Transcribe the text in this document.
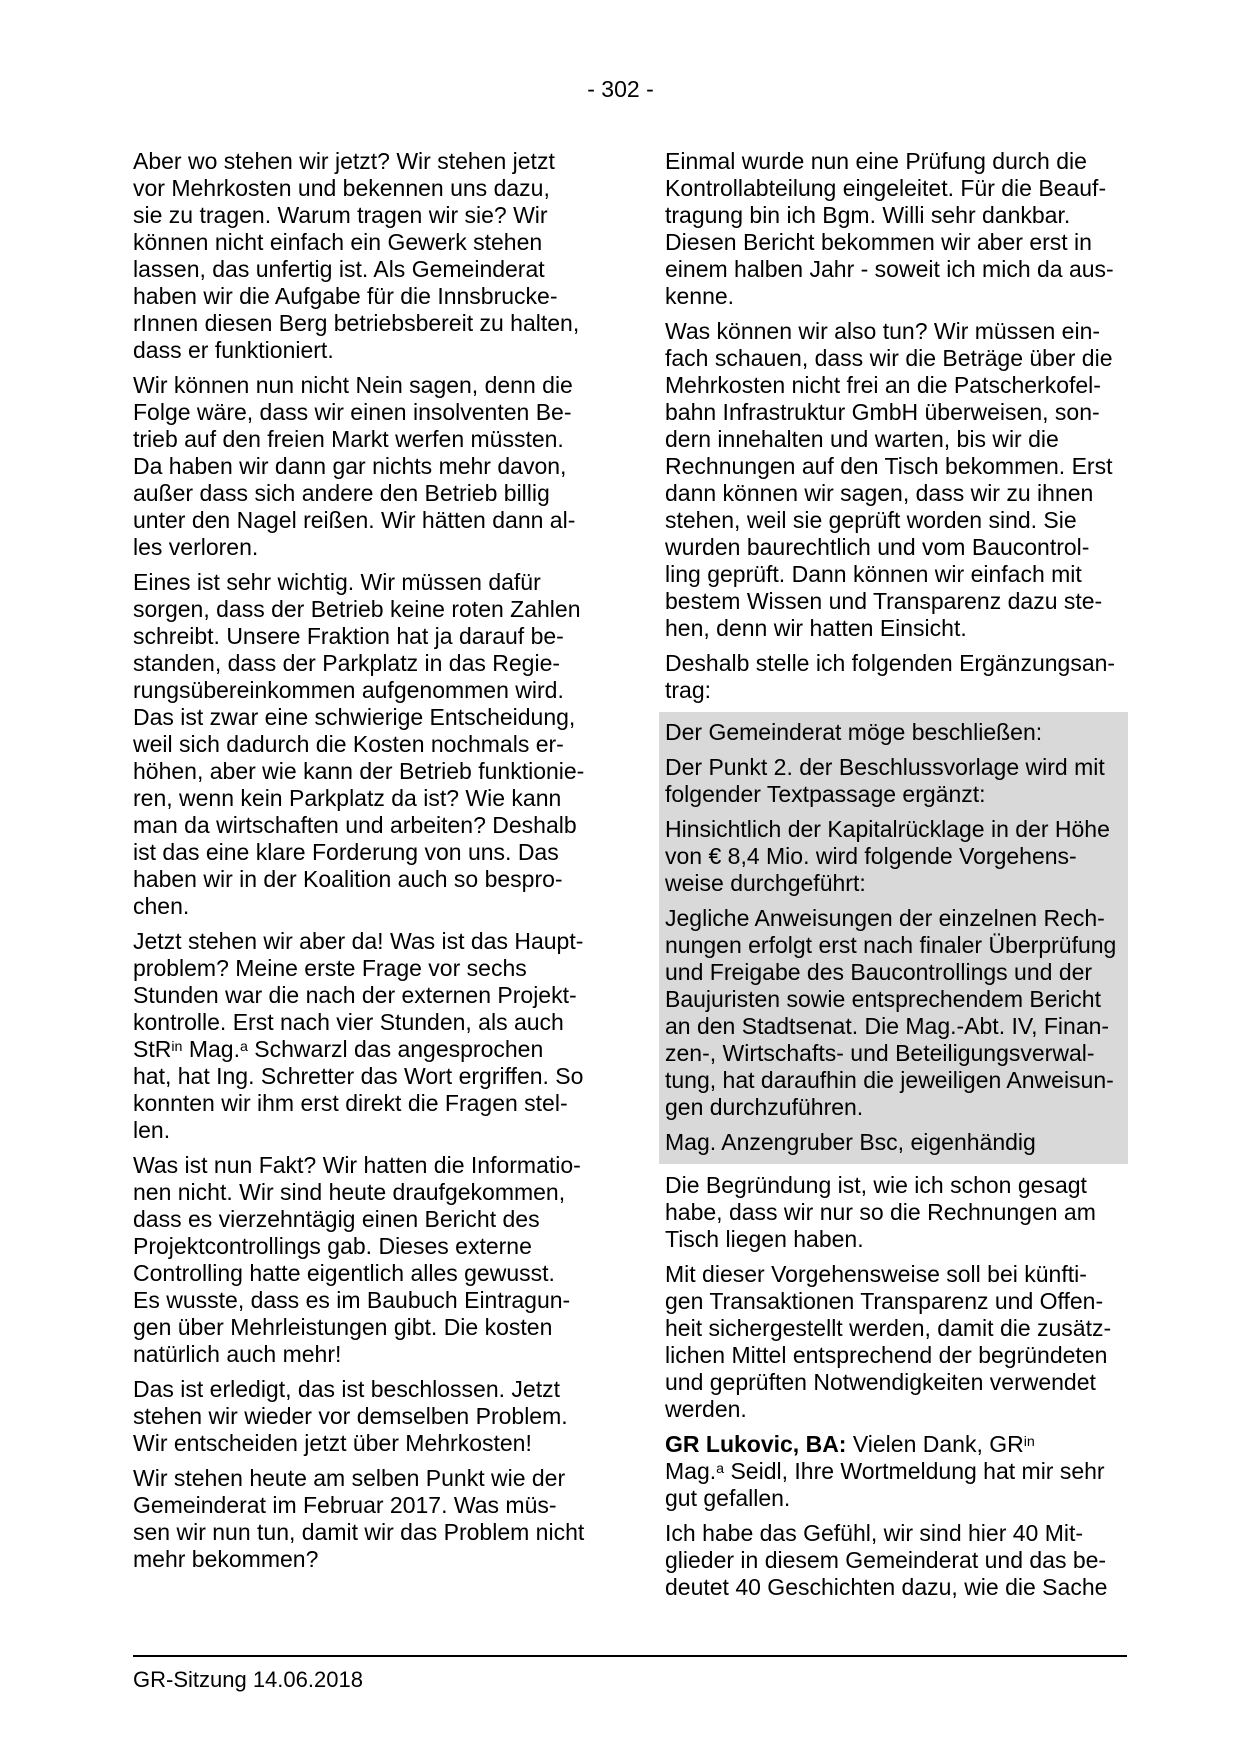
- 302 -

Aber wo stehen wir jetzt? Wir stehen jetzt
vor Mehrkosten und bekennen uns dazu,
sie zu tragen. Warum tragen wir sie? Wir
können nicht einfach ein Gewerk stehen
lassen, das unfertig ist. Als Gemeinderat
haben wir die Aufgabe für die Innsbrucke-
rInnen diesen Berg betriebsbereit zu halten,
dass er funktioniert.

Wir können nun nicht Nein sagen, denn die
Folge wäre, dass wir einen insolventen Be-
trieb auf den freien Markt werfen müssten.
Da haben wir dann gar nichts mehr davon,
außer dass sich andere den Betrieb billig
unter den Nagel reißen. Wir hätten dann al-
les verloren.

Eines ist sehr wichtig. Wir müssen dafür
sorgen, dass der Betrieb keine roten Zahlen
schreibt. Unsere Fraktion hat ja darauf be-
standen, dass der Parkplatz in das Regie-
rungsübereinkommen aufgenommen wird.
Das ist zwar eine schwierige Entscheidung,
weil sich dadurch die Kosten nochmals er-
höhen, aber wie kann der Betrieb funktionie-
ren, wenn kein Parkplatz da ist? Wie kann
man da wirtschaften und arbeiten? Deshalb
ist das eine klare Forderung von uns. Das
haben wir in der Koalition auch so bespro-
chen.

Jetzt stehen wir aber da! Was ist das Haupt-
problem? Meine erste Frage vor sechs
Stunden war die nach der externen Projekt-
kontrolle. Erst nach vier Stunden, als auch
StR$^{in}$ Mag.$^a$ Schwarzl das angesprochen
hat, hat Ing. Schretter das Wort ergriffen. So
konnten wir ihm erst direkt die Fragen stel-
len.

Was ist nun Fakt? Wir hatten die Informatio-
nen nicht. Wir sind heute draufgekommen,
dass es vierzehntägig einen Bericht des
Projektcontrollings gab. Dieses externe
Controlling hatte eigentlich alles gewusst.
Es wusste, dass es im Baubuch Eintragun-
gen über Mehrleistungen gibt. Die kosten
natürlich auch mehr!

Das ist erledigt, das ist beschlossen. Jetzt
stehen wir wieder vor demselben Problem.
Wir entscheiden jetzt über Mehrkosten!

Wir stehen heute am selben Punkt wie der
Gemeinderat im Februar 2017. Was müs-
sen wir nun tun, damit wir das Problem nicht
mehr bekommen?

Einmal wurde nun eine Prüfung durch die
Kontrollabteilung eingeleitet. Für die Beauf-
tragung bin ich Bgm. Willi sehr dankbar.
Diesen Bericht bekommen wir aber erst in
einem halben Jahr - soweit ich mich da aus-
kenne.

Was können wir also tun? Wir müssen ein-
fach schauen, dass wir die Beträge über die
Mehrkosten nicht frei an die Patscherkofel-
bahn Infrastruktur GmbH überweisen, son-
dern innehalten und warten, bis wir die
Rechnungen auf den Tisch bekommen. Erst
dann können wir sagen, dass wir zu ihnen
stehen, weil sie geprüft worden sind. Sie
wurden baurechtlich und vom Baucontrol-
ling geprüft. Dann können wir einfach mit
bestem Wissen und Transparenz dazu ste-
hen, denn wir hatten Einsicht.

Deshalb stelle ich folgenden Ergänzungsan-
trag:

Der Gemeinderat möge beschließen:

Der Punkt 2. der Beschlussvorlage wird mit
folgender Textpassage ergänzt:

Hinsichtlich der Kapitalrücklage in der Höhe
von € 8,4 Mio. wird folgende Vorgehens-
weise durchgeführt:

Jegliche Anweisungen der einzelnen Rech-
nungen erfolgt erst nach finaler Überprüfung
und Freigabe des Baucontrollings und der
Baujuristen sowie entsprechendem Bericht
an den Stadtsenat. Die Mag.-Abt. IV, Finan-
zen-, Wirtschafts- und Beteiligungsverwal-
tung, hat daraufhin die jeweiligen Anweisun-
gen durchzuführen.

Mag. Anzengruber Bsc, eigenhändig

Die Begründung ist, wie ich schon gesagt
habe, dass wir nur so die Rechnungen am
Tisch liegen haben.

Mit dieser Vorgehensweise soll bei künfti-
gen Transaktionen Transparenz und Offen-
heit sichergestellt werden, damit die zusätz-
lichen Mittel entsprechend der begründeten
und geprüften Notwendigkeiten verwendet
werden.

GR Lukovic, BA: Vielen Dank, $GR^{in}$
Mag.$^a$ Seidl, Ihre Wortmeldung hat mir sehr
gut gefallen.

Ich habe das Gefühl, wir sind hier 40 Mit-
glieder in diesem Gemeinderat und das be-
deutet 40 Geschichten dazu, wie die Sache

GR-Sitzung 14.06.2018
